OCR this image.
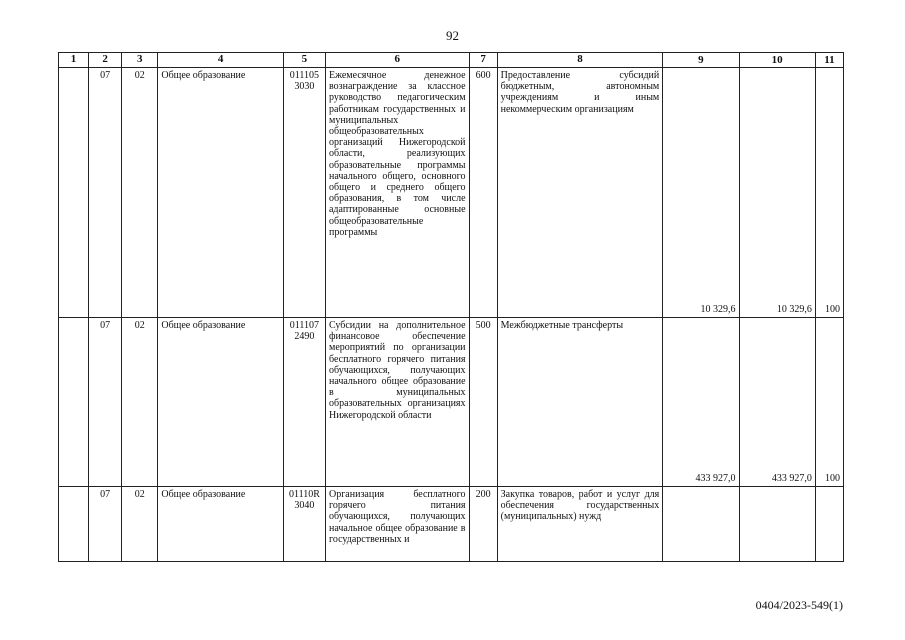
92
1	2	3	4	5	6	7	8	9	10	11
	07	02	Общее образование	011105 3030	Ежемесячное денежное вознаграждение за классное руководство педагогическим работникам государственных и муниципальных общеобразовательных организаций Нижегородской области, реализующих образовательные программы начального общего, основного общего и среднего общего образования, в том числе адаптированные основные общеобразовательные программы	600	Предоставление субсидий бюджетным, автономным учреждениям и иным некоммерческим организациям	10 329,6	10 329,6	100
	07	02	Общее образование	011107 2490	Субсидии на дополнительное финансовое обеспечение мероприятий по организации бесплатного горячего питания обучающихся, получающих начального общее образование в муниципальных образовательных организациях Нижегородской области	500	Межбюджетные трансферты	433 927,0	433 927,0	100
	07	02	Общее образование	01110R 3040	Организация бесплатного горячего питания обучающихся, получающих начальное общее образование в государственных и	200	Закупка товаров, работ и услуг для обеспечения государственных (муниципальных) нужд			
0404/2023-549(1)
